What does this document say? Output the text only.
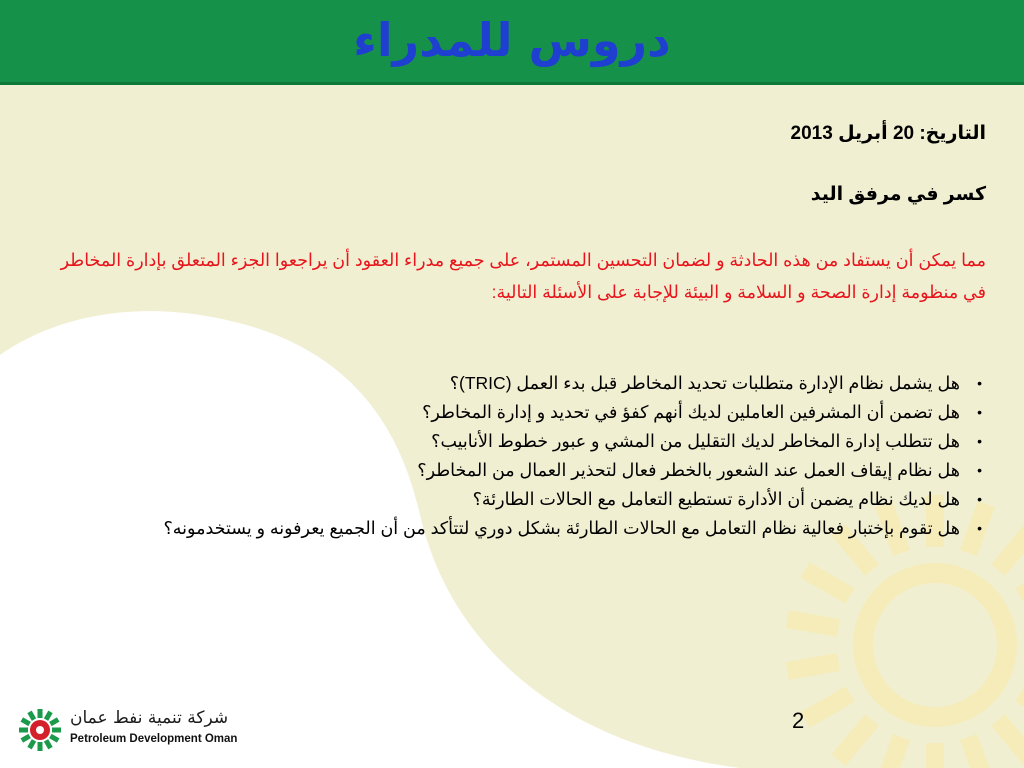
دروس للمدراء
التاريخ: 20 أبريل 2013
كسر في مرفق اليد
مما يمكن أن يستفاد من هذه الحادثة و لضمان التحسين المستمر، على جميع مدراء العقود أن يراجعوا الجزء المتعلق بإدارة المخاطر في منظومة إدارة الصحة و السلامة و البيئة للإجابة على الأسئلة التالية:
•
هل يشمل نظام الإدارة متطلبات تحديد المخاطر قبل بدء العمل (TRIC)؟
•
هل تضمن أن المشرفين العاملين لديك أنهم كفؤ في تحديد و إدارة المخاطر؟
•
هل تتطلب إدارة المخاطر لديك التقليل من المشي و عبور خطوط الأنابيب؟
•
هل نظام إيقاف العمل عند الشعور بالخطر فعال لتحذير العمال من المخاطر؟
•
هل لديك نظام يضمن أن الأدارة تستطيع التعامل مع الحالات الطارئة؟
•
هل تقوم بإختبار فعالية نظام التعامل مع الحالات الطارئة بشكل دوري لتتأكد من أن الجميع يعرفونه و يستخدمونه؟
شركة تنمية نفط عمان
Petroleum Development Oman
2
